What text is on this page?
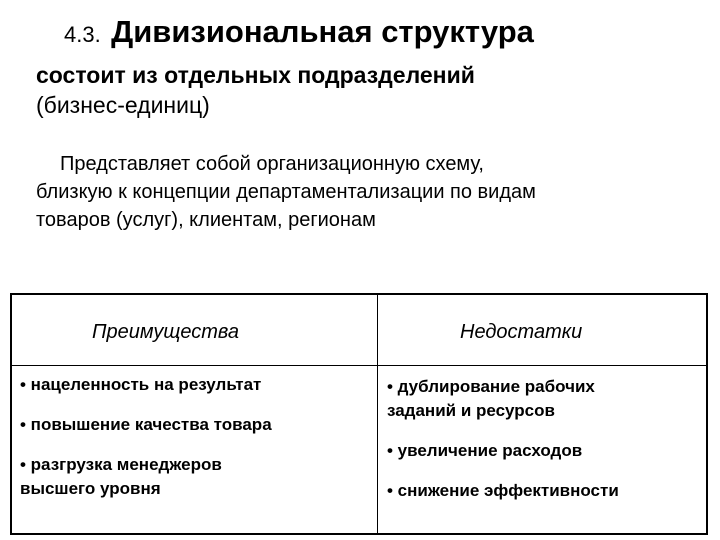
4.3. Дивизиональная структура
состоит из отдельных подразделений
(бизнес-единиц)

Представляет собой организационную схему,

близкую к концепции департаментализации по видам

товаров (услуг), клиентам, регионам

Преимущества	Недостатки
• нацеленность на результат
• повышение качества товара
• разгрузка менеджеров
высшего уровня
• дублирование рабочих
заданий и ресурсов
• увеличение расходов
• снижение эффективности
